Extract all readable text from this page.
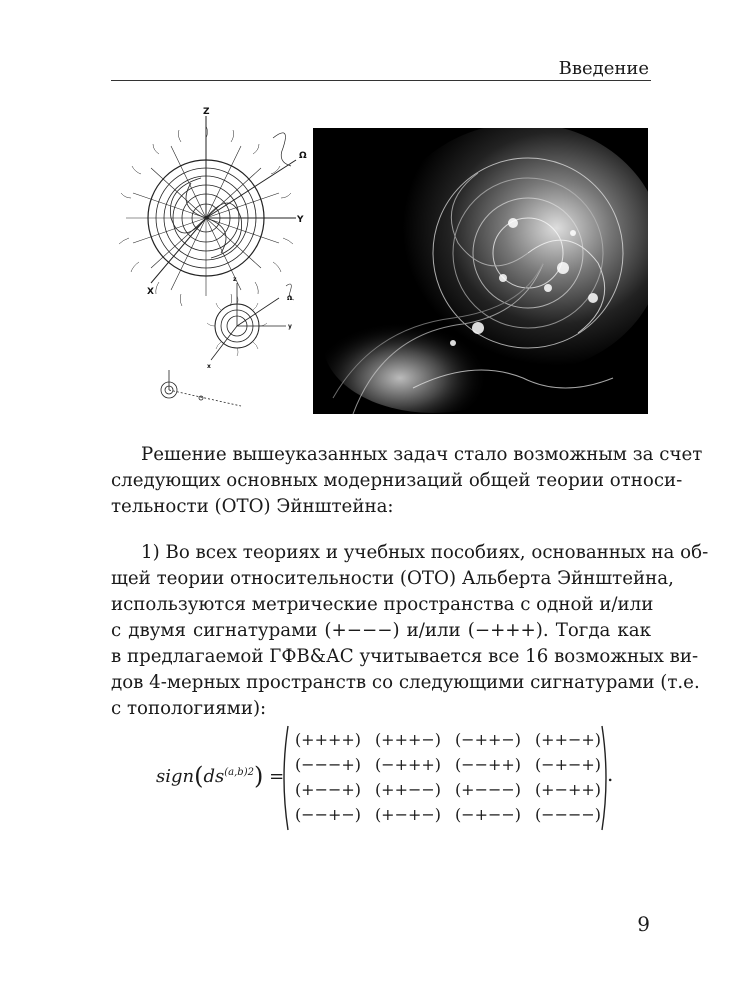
Введение
Z
Ω
Y
X
z
Ω
y
x
Решение вышеуказанных задач стало возможным за счет
следующих основных модернизаций общей теории относи-
тельности (ОТО) Эйнштейна:
1) Во всех теориях и учебных пособиях, основанных на об-
щей теории относительности (ОТО) Альберта Эйнштейна,
используются метрические пространства с одной и/или
с двумя сигнатурами (+−−−) и/или (−+++). Тогда как
в предлагаемой ГФВ&АС учитывается все 16 возможных ви-
дов 4-мерных пространств со следующими сигнатурами (т.е.
с топологиями):
$sign(ds^{(a,b)2})$ =
(++++) (+++−) (−++−) (++−+)
(−−−+) (−+++) (−−++) (−+−+)
(+−−+) (++−−) (+−−−) (+−++)
(−−+−) (+−+−) (−+−−) (−−−−)
.
9
